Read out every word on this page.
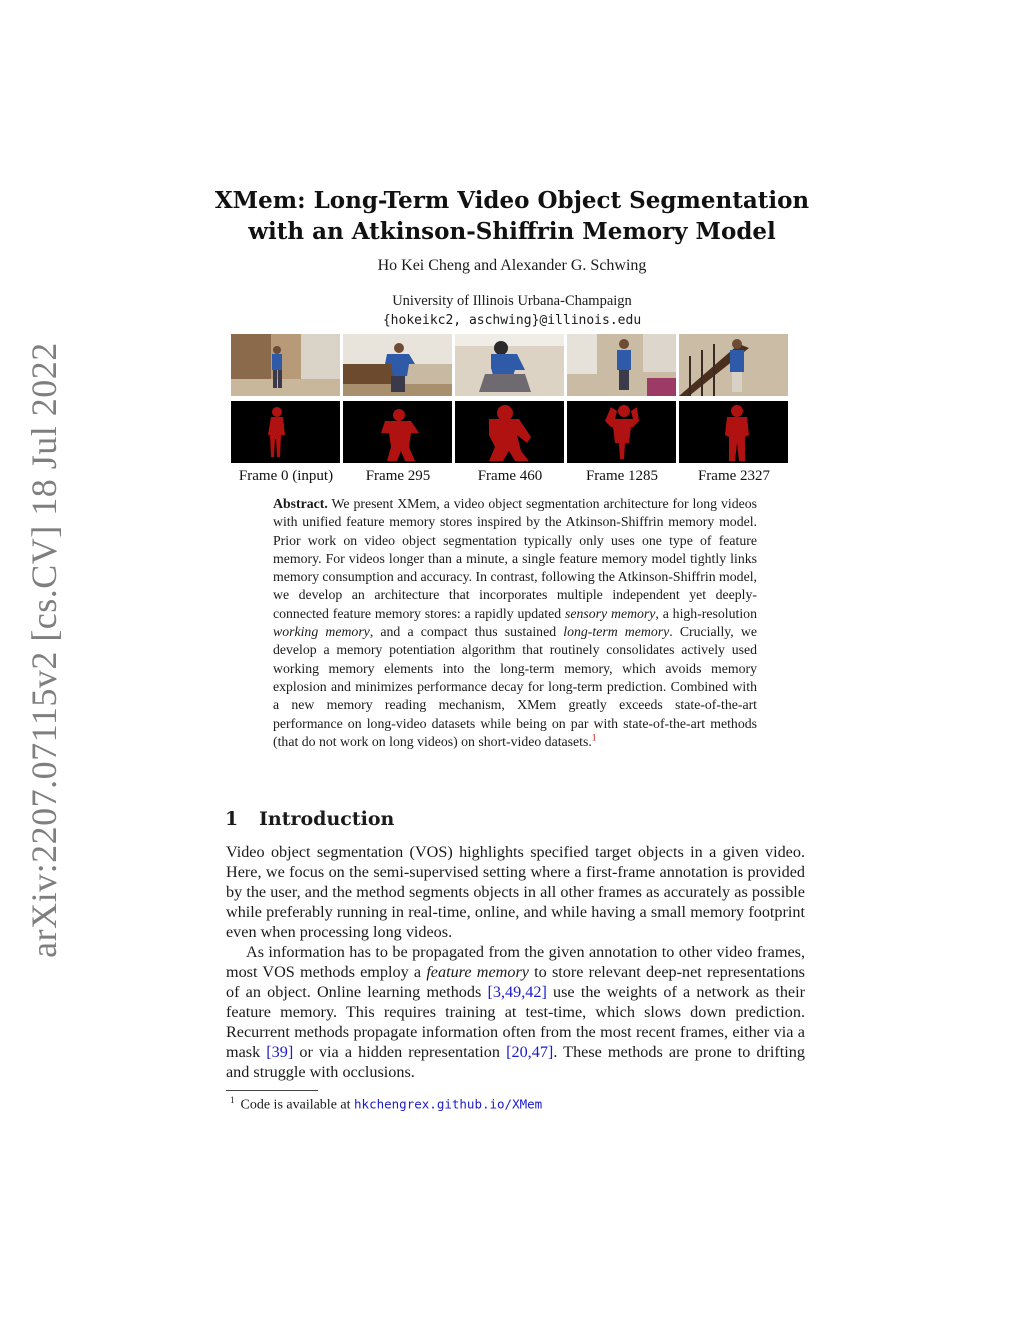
arXiv:2207.07115v2 [cs.CV] 18 Jul 2022
XMem: Long-Term Video Object Segmentation
with an Atkinson-Shiffrin Memory Model
Ho Kei Cheng and Alexander G. Schwing
University of Illinois Urbana-Champaign
{hokeikc2, aschwing}@illinois.edu
Frame 0 (input)	Frame 295	Frame 460	Frame 1285	Frame 2327
Abstract. We present XMem, a video object segmentation architecture for long videos with unified feature memory stores inspired by the Atkinson-Shiffrin memory model. Prior work on video object segmentation typically only uses one type of feature memory. For videos longer than a minute, a single feature memory model tightly links memory consumption and accuracy. In contrast, following the Atkinson-Shiffrin model, we develop an architecture that incorporates multiple independent yet deeply-connected feature memory stores: a rapidly updated sensory memory, a high-resolution working memory, and a compact thus sustained long-term memory. Crucially, we develop a memory potentiation algorithm that routinely consolidates actively used working memory elements into the long-term memory, which avoids memory explosion and minimizes performance decay for long-term prediction. Combined with a new memory reading mechanism, XMem greatly exceeds state-of-the-art performance on long-video datasets while being on par with state-of-the-art methods (that do not work on long videos) on short-video datasets.$^1$
1 Introduction
Video object segmentation (VOS) highlights specified target objects in a given video. Here, we focus on the semi-supervised setting where a first-frame annotation is provided by the user, and the method segments objects in all other frames as accurately as possible while preferably running in real-time, online, and while having a small memory footprint even when processing long videos.
As information has to be propagated from the given annotation to other video frames, most VOS methods employ a feature memory to store relevant deep-net representations of an object. Online learning methods [3,49,42] use the weights of a network as their feature memory. This requires training at test-time, which slows down prediction. Recurrent methods propagate information often from the most recent frames, either via a mask [39] or via a hidden representation [20,47]. These methods are prone to drifting and struggle with occlusions.
$^1$ Code is available at hkchengrex.github.io/XMem
